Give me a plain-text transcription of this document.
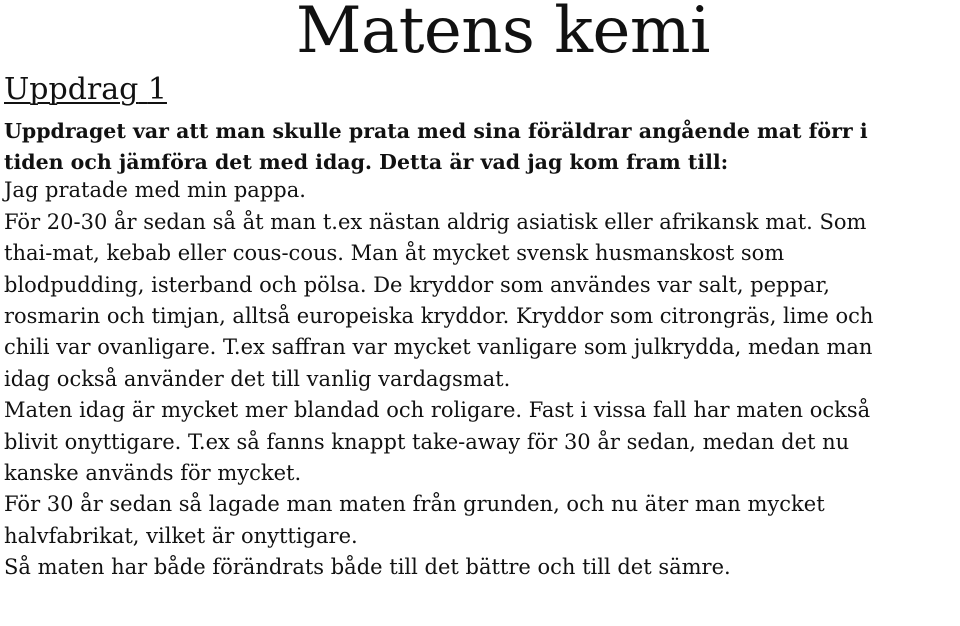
Matens kemi
Uppdrag 1
Uppdraget var att man skulle prata med sina föräldrar angående mat förr i
tiden och jämföra det med idag. Detta är vad jag kom fram till:
Jag pratade med min pappa.
För 20-30 år sedan så åt man t.ex nästan aldrig asiatisk eller afrikansk mat. Som
thai-mat, kebab eller cous-cous. Man åt mycket svensk husmanskost som
blodpudding, isterband och pölsa. De kryddor som användes var salt, peppar,
rosmarin och timjan, alltså europeiska kryddor. Kryddor som citrongräs, lime och
chili var ovanligare. T.ex saffran var mycket vanligare som julkrydda, medan man
idag också använder det till vanlig vardagsmat.
Maten idag är mycket mer blandad och roligare. Fast i vissa fall har maten också
blivit onyttigare. T.ex så fanns knappt take-away för 30 år sedan, medan det nu
kanske används för mycket.
För 30 år sedan så lagade man maten från grunden, och nu äter man mycket
halvfabrikat, vilket är onyttigare.
Så maten har både förändrats både till det bättre och till det sämre.
